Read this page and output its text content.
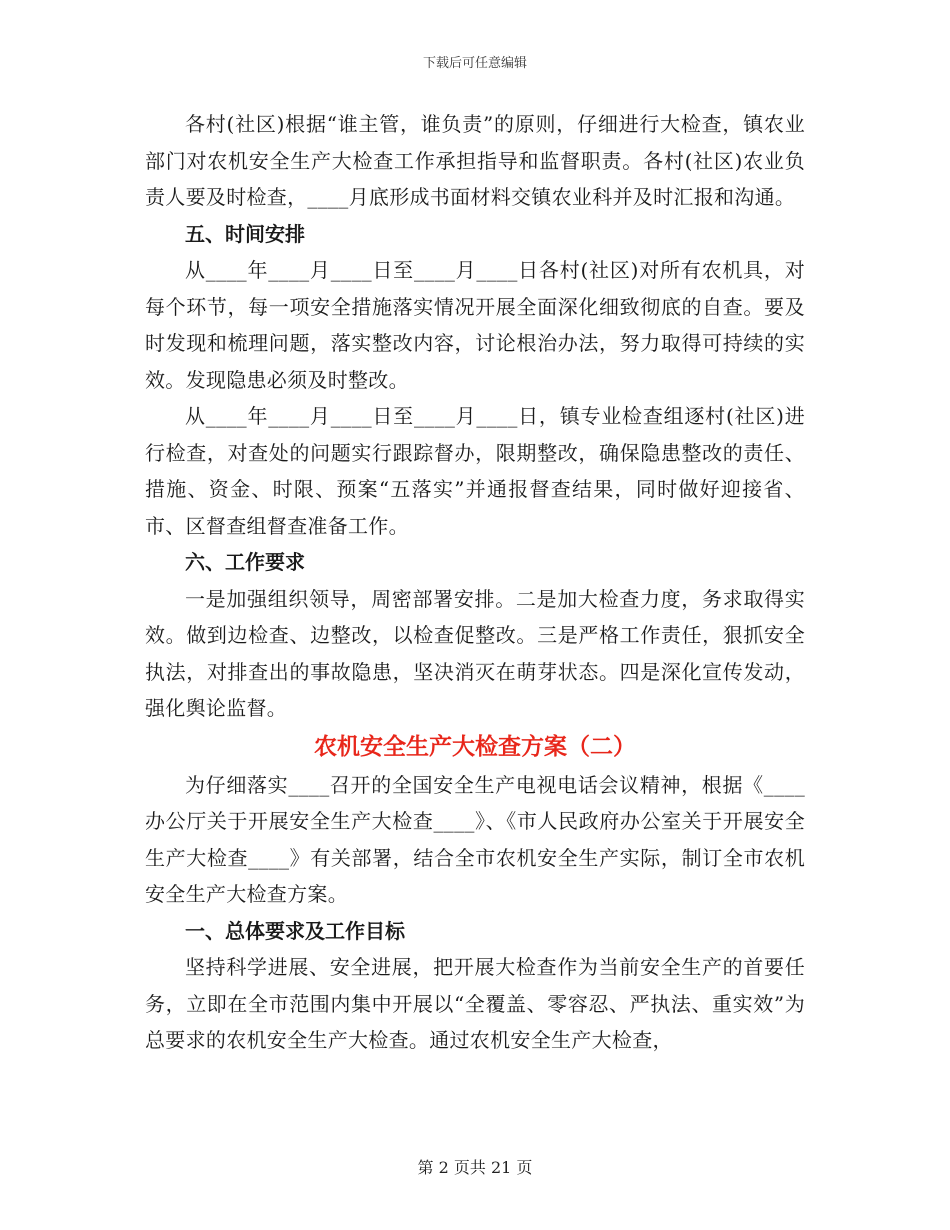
下载后可任意编辑

各村(社区)根据“谁主管，谁负责”的原则，仔细进行大检查，镇农业部门对农机安全生产大检查工作承担指导和监督职责。各村(社区)农业负责人要及时检查，____月底形成书面材料交镇农业科并及时汇报和沟通。

五、时间安排

从____年____月____日至____月____日各村(社区)对所有农机具，对每个环节，每一项安全措施落实情况开展全面深化细致彻底的自查。要及时发现和梳理问题，落实整改内容，讨论根治办法，努力取得可持续的实效。发现隐患必须及时整改。

从____年____月____日至____月____日，镇专业检查组逐村(社区)进行检查，对查处的问题实行跟踪督办，限期整改，确保隐患整改的责任、措施、资金、时限、预案“五落实”并通报督查结果，同时做好迎接省、市、区督查组督查准备工作。

六、工作要求

一是加强组织领导，周密部署安排。二是加大检查力度，务求取得实效。做到边检查、边整改，以检查促整改。三是严格工作责任，狠抓安全执法，对排查出的事故隐患，坚决消灭在萌芽状态。四是深化宣传发动，强化舆论监督。

农机安全生产大检查方案（二）

为仔细落实____召开的全国安全生产电视电话会议精神，根据《____办公厅关于开展安全生产大检查____》、《市人民政府办公室关于开展安全生产大检查____》有关部署，结合全市农机安全生产实际，制订全市农机安全生产大检查方案。

一、总体要求及工作目标

坚持科学进展、安全进展，把开展大检查作为当前安全生产的首要任务，立即在全市范围内集中开展以“全覆盖、零容忍、严执法、重实效”为总要求的农机安全生产大检查。通过农机安全生产大检查，

第 2 页共 21 页
